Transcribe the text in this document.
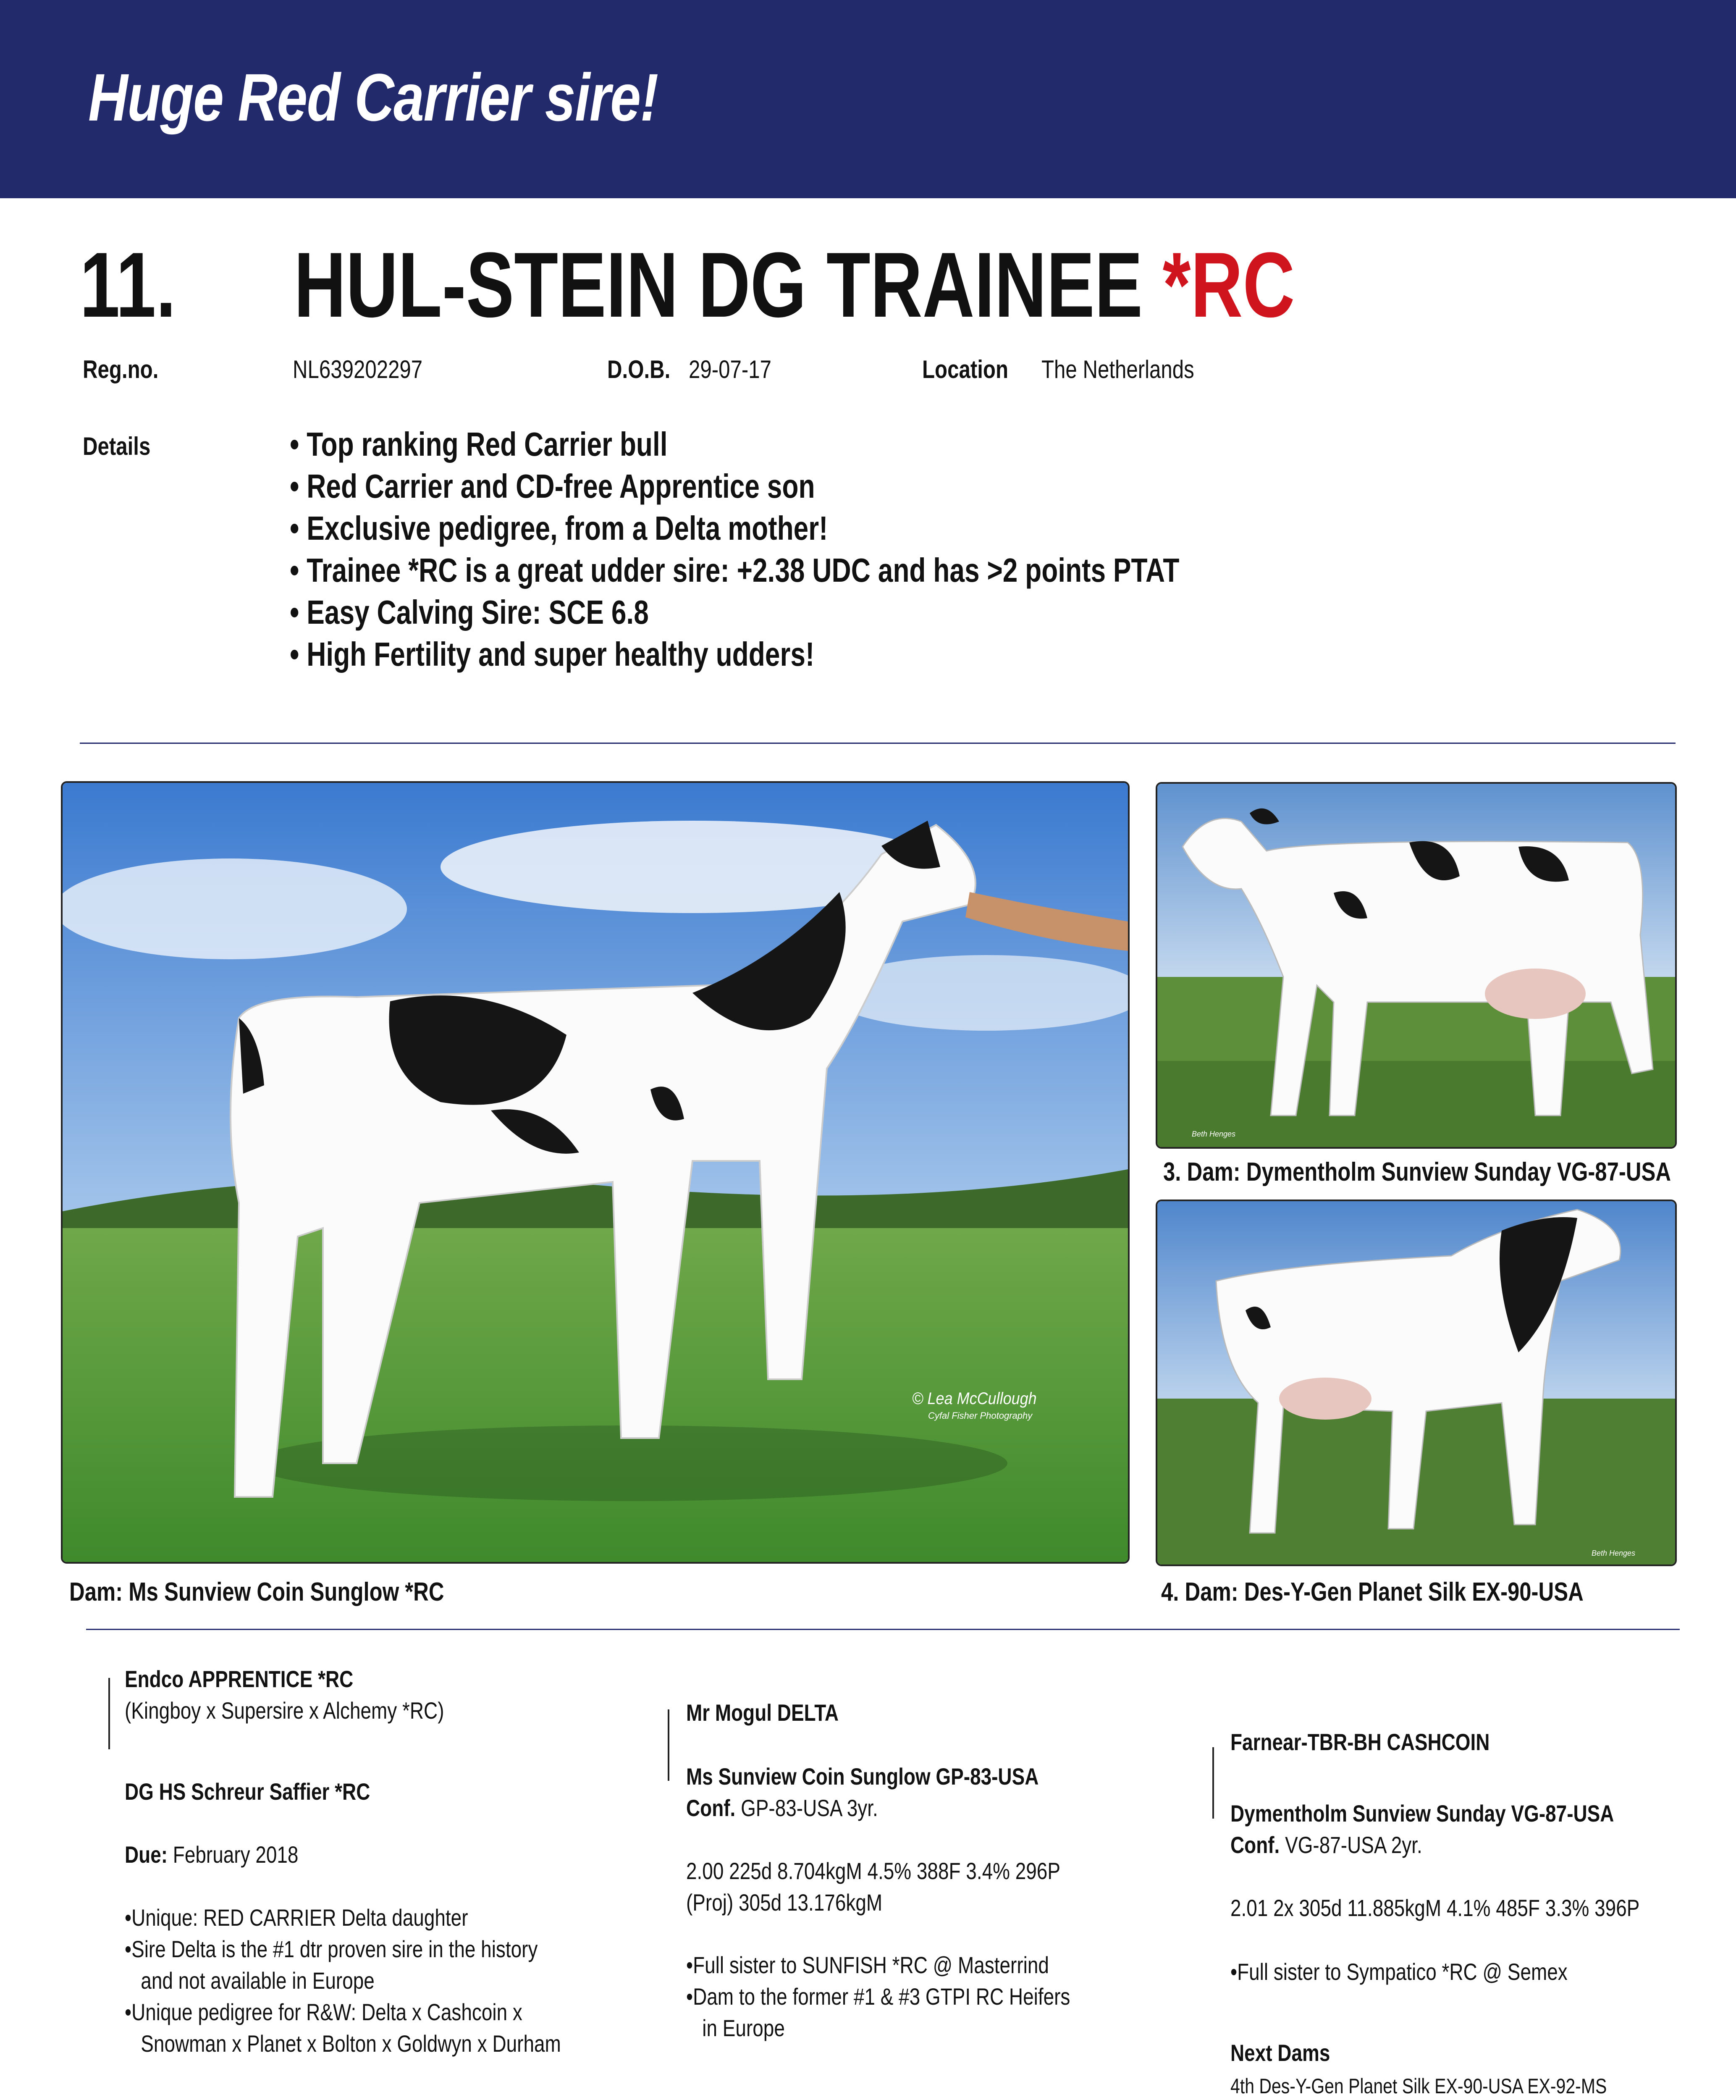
Huge Red Carrier sire!
11. HUL-STEIN DG TRAINEE *RC
Reg.no.	NL639202297	D.O.B. 29-07-17	Location The Netherlands
Details
•	Top ranking Red Carrier bull
• Red Carrier and CD-free Apprentice son
• Exclusive pedigree, from a Delta mother!
• Trainee *RC is a great udder sire: +2.38 UDC and has >2 points PTAT
• Easy Calving Sire: SCE 6.8
• High Fertility and super healthy udders!
© Lea McCullough
Cyfal Fisher Photography
Beth Henges
3. Dam: Dymentholm Sunview Sunday VG-87-USA
Beth Henges
Dam: Ms Sunview Coin Sunglow *RC	4. Dam: Des-Y-Gen Planet Silk EX-90-USA
Endco APPRENTICE *RC
(Kingboy x Supersire x Alchemy *RC)
DG HS Schreur Saffier *RC
Due: February 2018
• Unique: RED CARRIER Delta daughter
• Sire Delta is the #1 dtr proven sire in the history
and not available in Europe
• Unique pedigree for R&W: Delta x Cashcoin x
Snowman x Planet x Bolton x Goldwyn x Durham
Mr Mogul DELTA
Ms Sunview Coin Sunglow GP-83-USA
Conf. GP-83-USA 3yr.
2.00 225d 8.704kgM 4.5% 388F 3.4% 296P
(Proj) 305d 13.176kgM
• Full sister to SUNFISH *RC @ Masterrind
• Dam to the former #1 & #3 GTPI RC Heifers
in Europe
Farnear-TBR-BH CASHCOIN
Dymentholm Sunview Sunday VG-87-USA
Conf. VG-87-USA 2yr.
2.01 2x 305d 11.885kgM 4.1% 485F 3.3% 396P
• Full sister to Sympatico *RC @ Semex
Next Dams
4th Des-Y-Gen Planet Silk EX-90-USA EX-92-MS
